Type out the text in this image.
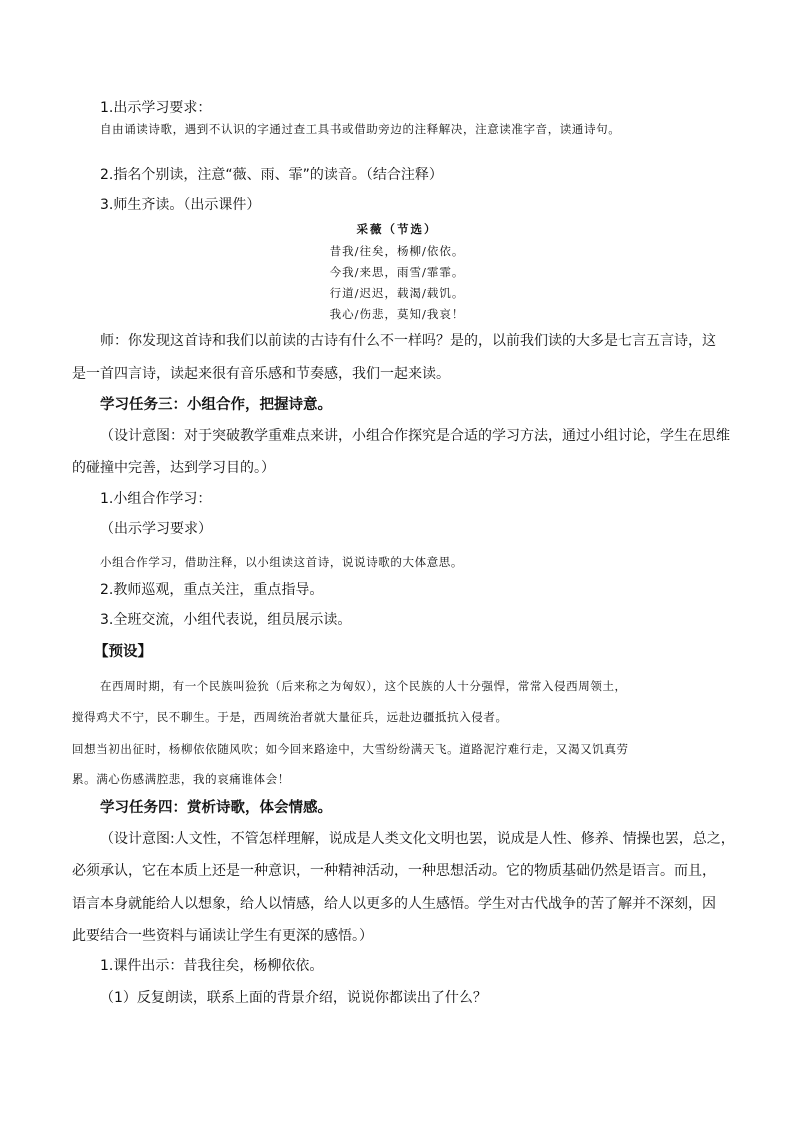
1.出示学习要求：
自由诵读诗歌，遇到不认识的字通过查工具书或借助旁边的注释解决，注意读准字音，读通诗句。
2.指名个别读，注意“薇、雨、霏”的读音。（结合注释）
3.师生齐读。（出示课件）
采薇（节选）
昔我/往矣，杨柳/依依。
今我/来思，雨雪/霏霏。
行道/迟迟，载渴/载饥。
我心/伤悲，莫知/我哀！
师：你发现这首诗和我们以前读的古诗有什么不一样吗？是的，以前我们读的大多是七言五言诗，这
是一首四言诗，读起来很有音乐感和节奏感，我们一起来读。
学习任务三：小组合作，把握诗意。
（设计意图：对于突破教学重难点来讲，小组合作探究是合适的学习方法，通过小组讨论，学生在思维
的碰撞中完善，达到学习目的。）
1.小组合作学习：
（出示学习要求）
小组合作学习，借助注释，以小组读这首诗，说说诗歌的大体意思。
2.教师巡观，重点关注，重点指导。
3.全班交流，小组代表说，组员展示读。
【预设】
在西周时期，有一个民族叫猃狁（后来称之为匈奴），这个民族的人十分强悍，常常入侵西周领土，
搅得鸡犬不宁，民不聊生。于是，西周统治者就大量征兵，远赴边疆抵抗入侵者。
回想当初出征时，杨柳依依随风吹；如今回来路途中，大雪纷纷满天飞。道路泥泞难行走，又渴又饥真劳
累。满心伤感满腔悲，我的哀痛谁体会！
学习任务四：赏析诗歌，体会情感。
（设计意图:人文性，不管怎样理解，说成是人类文化文明也罢，说成是人性、修养、情操也罢，总之，
必须承认，它在本质上还是一种意识，一种精神活动，一种思想活动。它的物质基础仍然是语言。而且，
语言本身就能给人以想象，给人以情感，给人以更多的人生感悟。学生对古代战争的苦了解并不深刻，因
此要结合一些资料与诵读让学生有更深的感悟。）
1.课件出示：昔我往矣，杨柳依依。
（1）反复朗读，联系上面的背景介绍，说说你都读出了什么？
